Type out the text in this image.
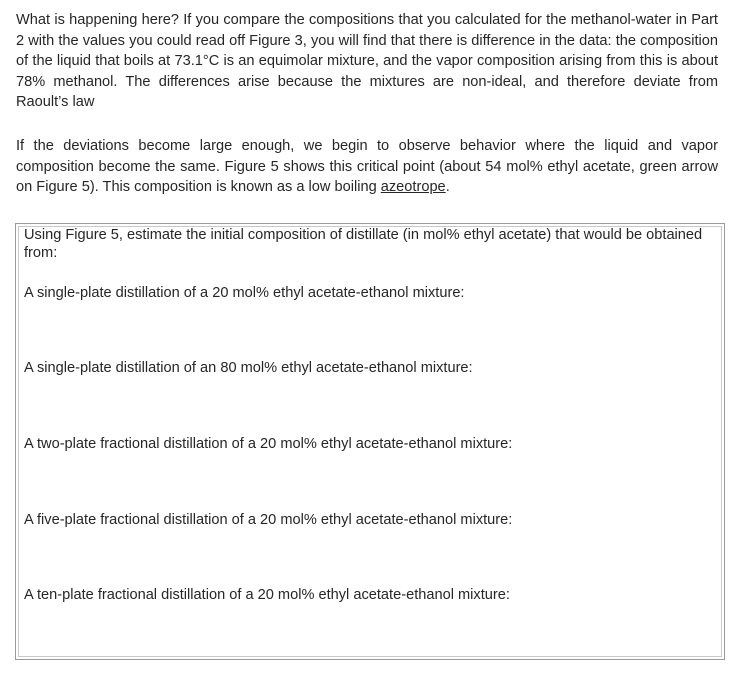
What is happening here? If you compare the compositions that you calculated for the methanol-water in Part 2 with the values you could read off Figure 3, you will find that there is difference in the data: the composition of the liquid that boils at 73.1°C is an equimolar mixture, and the vapor composition arising from this is about 78% methanol. The differences arise because the mixtures are non-ideal, and therefore deviate from Raoult’s law

If the deviations become large enough, we begin to observe behavior where the liquid and vapor composition become the same. Figure 5 shows this critical point (about 54 mol% ethyl acetate, green arrow on Figure 5). This composition is known as a low boiling azeotrope.

Using Figure 5, estimate the initial composition of distillate (in mol% ethyl acetate) that would be obtained from:

A single-plate distillation of a 20 mol% ethyl acetate-ethanol mixture:

A single-plate distillation of an 80 mol% ethyl acetate-ethanol mixture:

A two-plate fractional distillation of a 20 mol% ethyl acetate-ethanol mixture:

A five-plate fractional distillation of a 20 mol% ethyl acetate-ethanol mixture:

A ten-plate fractional distillation of a 20 mol% ethyl acetate-ethanol mixture:
